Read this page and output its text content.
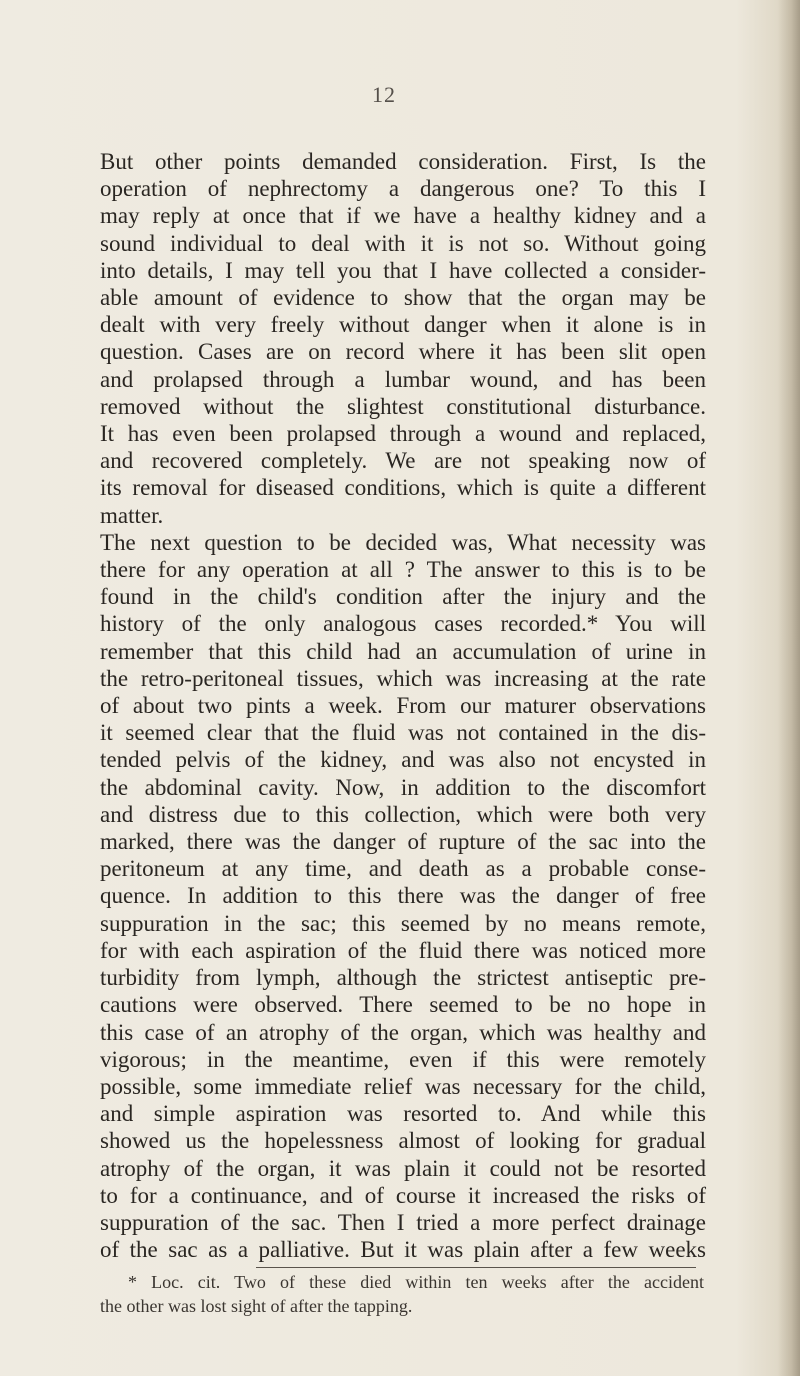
12
But other points demanded consideration. First, Is the
operation of nephrectomy a dangerous one? To this I
may reply at once that if we have a healthy kidney and a
sound individual to deal with it is not so. Without going
into details, I may tell you that I have collected a consider-
able amount of evidence to show that the organ may be
dealt with very freely without danger when it alone is in
question. Cases are on record where it has been slit open
and prolapsed through a lumbar wound, and has been
removed without the slightest constitutional disturbance.
It has even been prolapsed through a wound and replaced,
and recovered completely. We are not speaking now of
its removal for diseased conditions, which is quite a different
matter.
The next question to be decided was, What necessity was
there for any operation at all ? The answer to this is to be
found in the child's condition after the injury and the
history of the only analogous cases recorded.* You will
remember that this child had an accumulation of urine in
the retro-peritoneal tissues, which was increasing at the rate
of about two pints a week. From our maturer observations
it seemed clear that the fluid was not contained in the dis-
tended pelvis of the kidney, and was also not encysted in
the abdominal cavity. Now, in addition to the discomfort
and distress due to this collection, which were both very
marked, there was the danger of rupture of the sac into the
peritoneum at any time, and death as a probable conse-
quence. In addition to this there was the danger of free
suppuration in the sac; this seemed by no means remote,
for with each aspiration of the fluid there was noticed more
turbidity from lymph, although the strictest antiseptic pre-
cautions were observed. There seemed to be no hope in
this case of an atrophy of the organ, which was healthy and
vigorous; in the meantime, even if this were remotely
possible, some immediate relief was necessary for the child,
and simple aspiration was resorted to. And while this
showed us the hopelessness almost of looking for gradual
atrophy of the organ, it was plain it could not be resorted
to for a continuance, and of course it increased the risks of
suppuration of the sac. Then I tried a more perfect drainage
of the sac as a palliative. But it was plain after a few weeks
* Loc. cit. Two of these died within ten weeks after the accident
the other was lost sight of after the tapping.
